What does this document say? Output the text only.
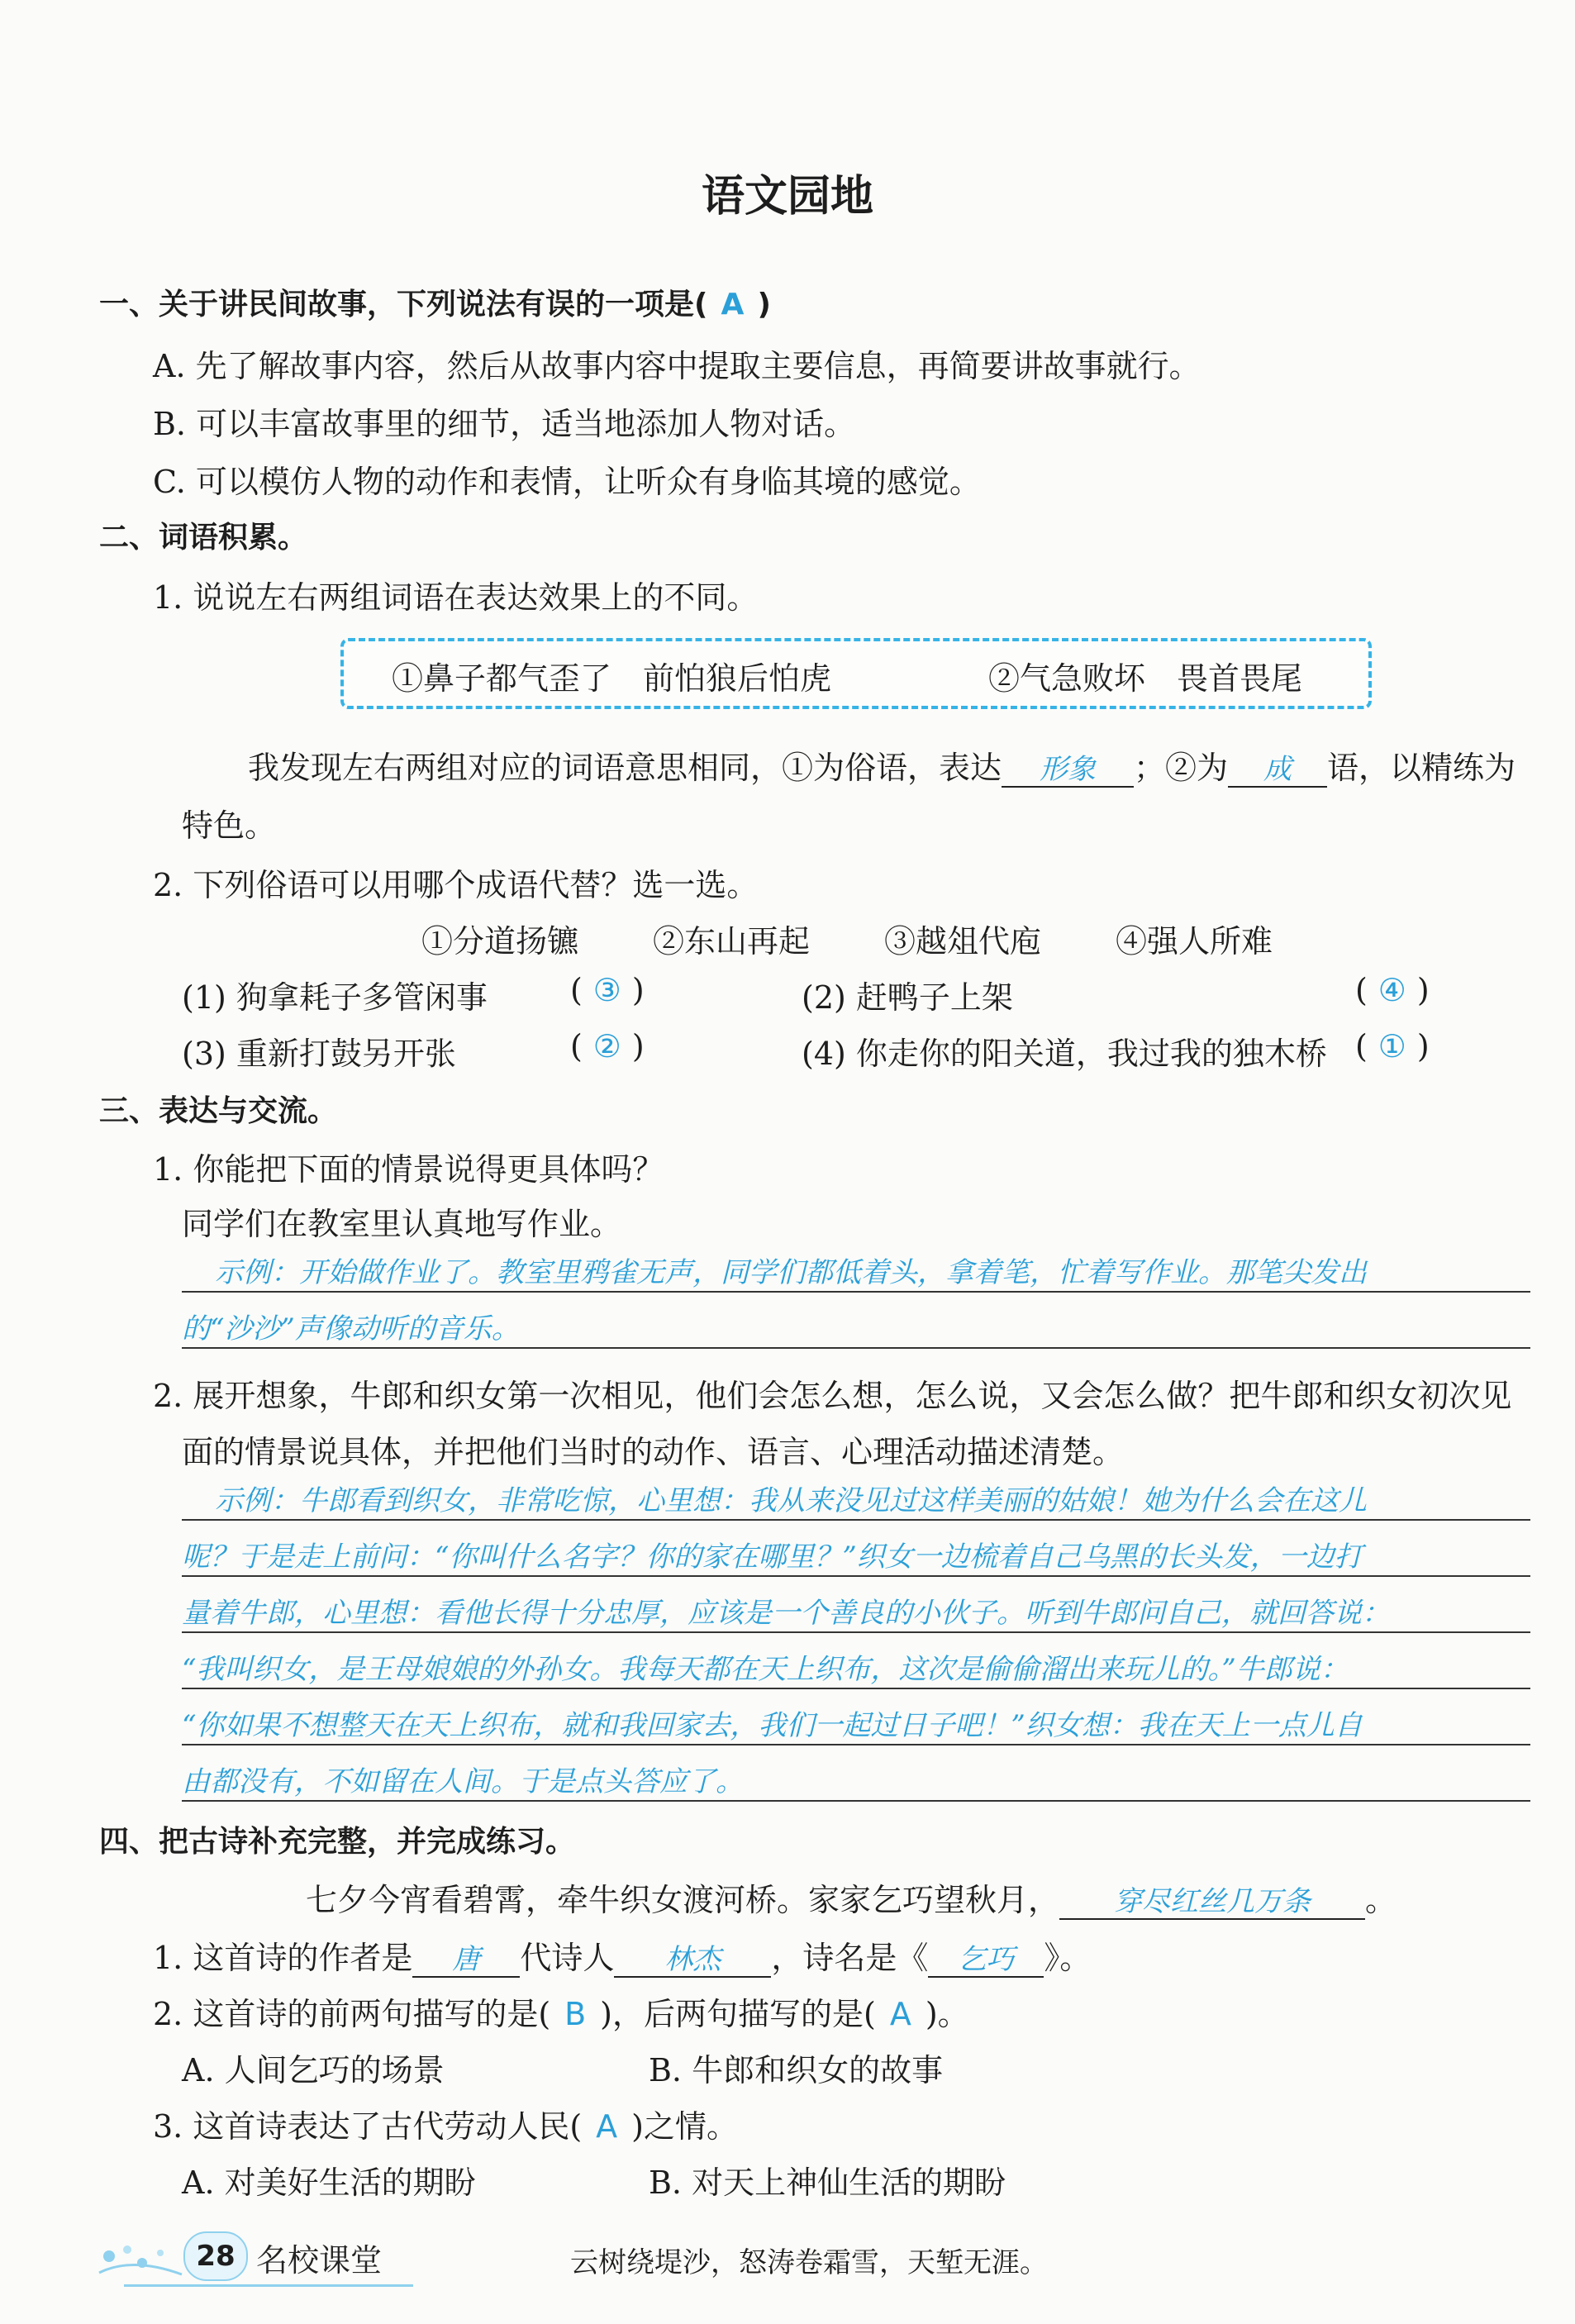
语文园地
一、关于讲民间故事，下列说法有误的一项是( A )
A. 先了解故事内容，然后从故事内容中提取主要信息，再简要讲故事就行。
B. 可以丰富故事里的细节，适当地添加人物对话。
C. 可以模仿人物的动作和表情，让听众有身临其境的感觉。
二、词语积累。
1. 说说左右两组词语在表达效果上的不同。
①鼻子都气歪了　前怕狼后怕虎	②气急败坏　畏首畏尾
我发现左右两组对应的词语意思相同，①为俗语，表达 形象 ；②为 成 语，以精练为
特色。
2. 下列俗语可以用哪个成语代替？选一选。
①分道扬镳 ②东山再起 ③越俎代庖 ④强人所难
(1) 狗拿耗子多管闲事	( ③ )	(2) 赶鸭子上架	( ④ )
(3) 重新打鼓另开张	( ② )	(4) 你走你的阳关道，我过我的独木桥 ( ① )
三、表达与交流。
1. 你能把下面的情景说得更具体吗？
同学们在教室里认真地写作业。
示例：开始做作业了。教室里鸦雀无声，同学们都低着头，拿着笔，忙着写作业。那笔尖发出
的“沙沙”声像动听的音乐。
2. 展开想象，牛郎和织女第一次相见，他们会怎么想，怎么说，又会怎么做？把牛郎和织女初次见
面的情景说具体，并把他们当时的动作、语言、心理活动描述清楚。
示例：牛郎看到织女，非常吃惊，心里想：我从来没见过这样美丽的姑娘！她为什么会在这儿
呢？于是走上前问：“你叫什么名字？你的家在哪里？”织女一边梳着自己乌黑的长头发，一边打
量着牛郎，心里想：看他长得十分忠厚，应该是一个善良的小伙子。听到牛郎问自己，就回答说：
“我叫织女，是王母娘娘的外孙女。我每天都在天上织布，这次是偷偷溜出来玩儿的。”牛郎说：
“你如果不想整天在天上织布，就和我回家去，我们一起过日子吧！”织女想：我在天上一点儿自
由都没有，不如留在人间。于是点头答应了。
四、把古诗补充完整，并完成练习。
七夕今宵看碧霄，牵牛织女渡河桥。家家乞巧望秋月， 穿尽红丝几万条 。
1. 这首诗的作者是 唐 代诗人 林杰 ，诗名是《 乞巧 》。
2. 这首诗的前两句描写的是( B )，后两句描写的是( A )。
A. 人间乞巧的场景	B. 牛郎和织女的故事
3. 这首诗表达了古代劳动人民( A )之情。
A. 对美好生活的期盼	B. 对天上神仙生活的期盼
28 名校课堂	云树绕堤沙，怒涛卷霜雪，天堑无涯。
